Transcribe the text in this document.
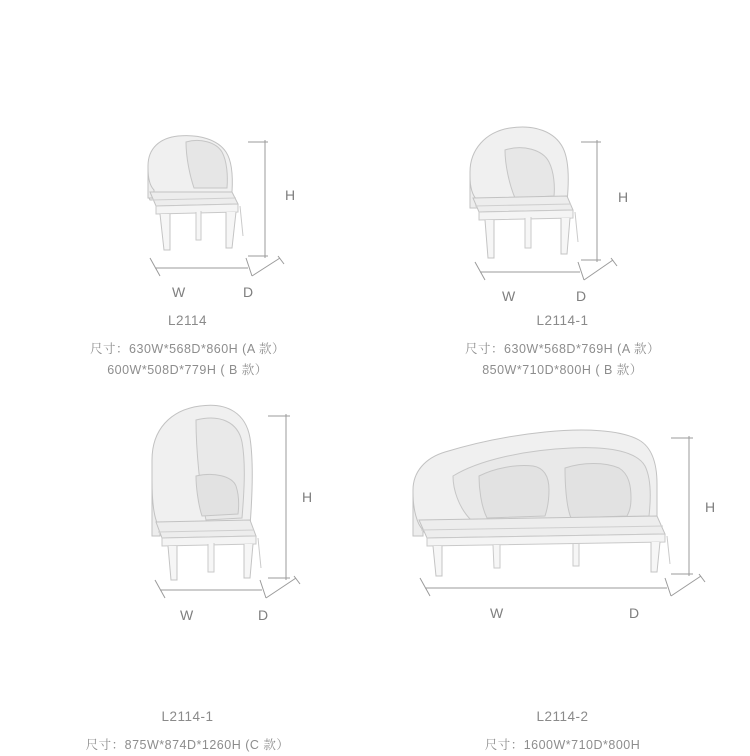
H
W	D
L2114
尺寸：630W*568D*860H (A 款）
600W*508D*779H ( B 款）
H
W	D
L2114-1
尺寸：630W*568D*769H (A 款）
850W*710D*800H ( B 款）
H
W	D
L2114-1
尺寸：875W*874D*1260H (C 款）
H
W	D
L2114-2
尺寸：1600W*710D*800H
